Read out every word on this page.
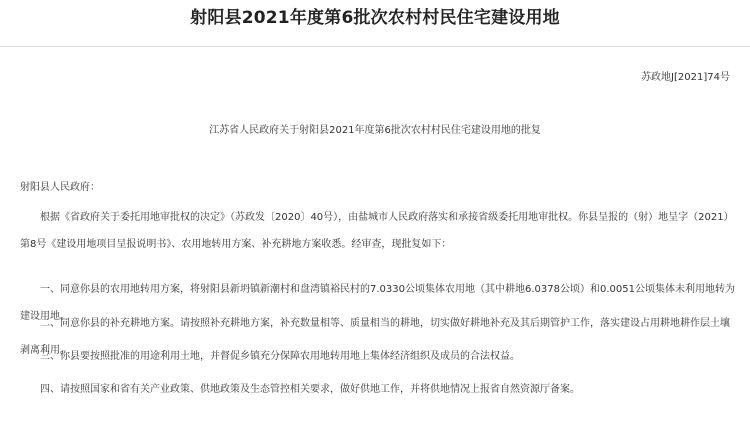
射阳县2021年度第6批次农村村民住宅建设用地
苏政地J[2021]74号
江苏省人民政府关于射阳县2021年度第6批次农村村民住宅建设用地的批复
射阳县人民政府：

根据《省政府关于委托用地审批权的决定》（苏政发〔2020〕40号），由盐城市人民政府落实和承接省级委托用地审批权。你县呈报的（射）地呈字（2021）第8号《建设用地项目呈报说明书》、农用地转用方案、补充耕地方案收悉。经审查，现批复如下：

一、同意你县的农用地转用方案，将射阳县新坍镇新潮村和盘湾镇裕民村的7.0330公顷集体农用地（其中耕地6.0378公顷）和0.0051公顷集体未利用地转为建设用地。

二、同意你县的补充耕地方案。请按照补充耕地方案，补充数量相等、质量相当的耕地，切实做好耕地补充及其后期管护工作，落实建设占用耕地耕作层土壤剥离利用。

三、你县要按照批准的用途利用土地，并督促乡镇充分保障农用地转用地上集体经济组织及成员的合法权益。

四、请按照国家和省有关产业政策、供地政策及生态管控相关要求，做好供地工作，并将供地情况上报省自然资源厅备案。
